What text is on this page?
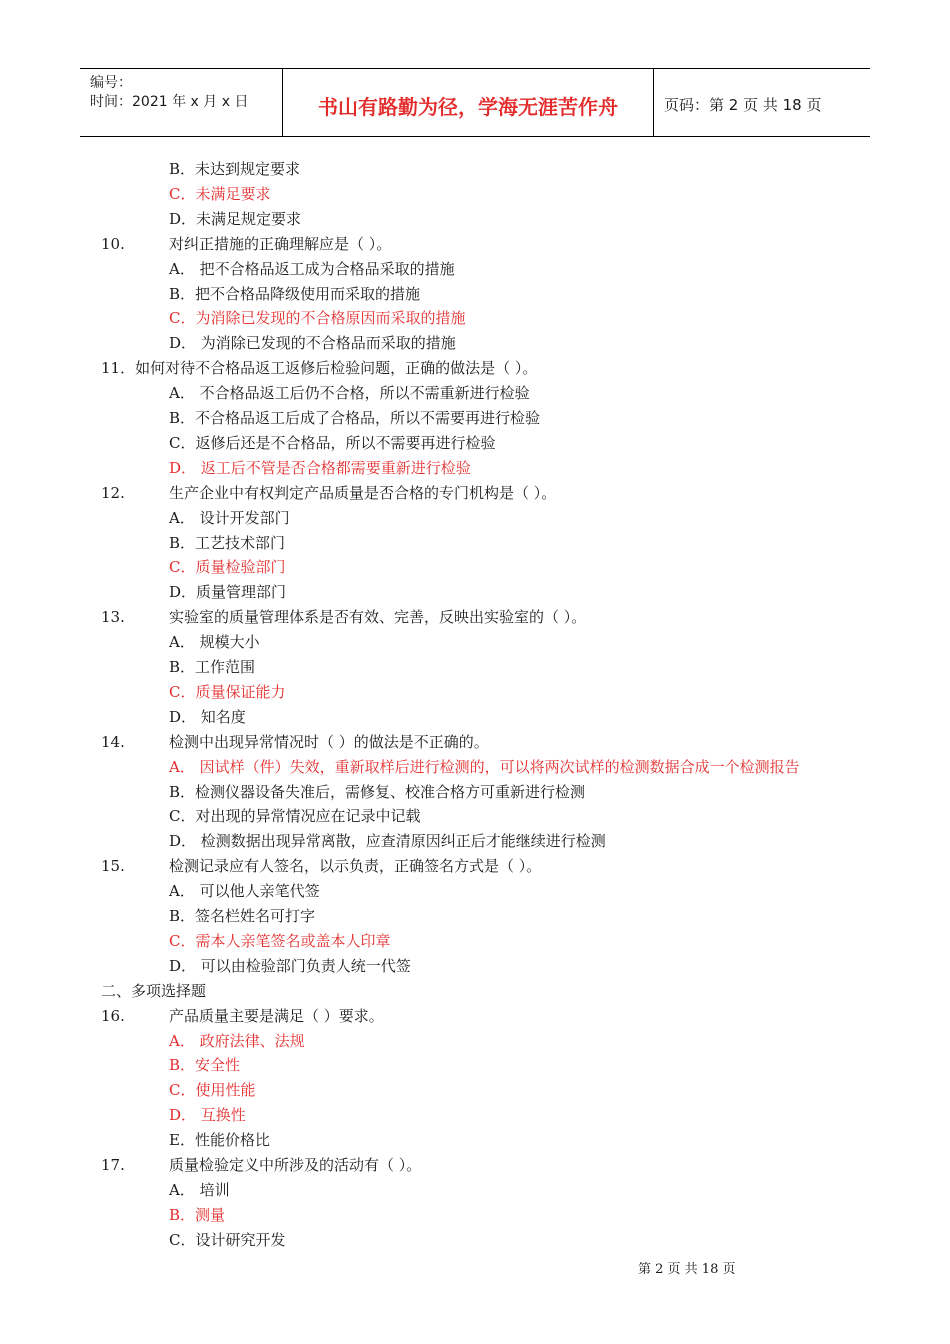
编号：
时间：2021 年 x 月 x 日	书山有路勤为径，学海无涯苦作舟	页码：第 2 页 共 18 页
B．未达到规定要求
C．未满足要求
D．未满足规定要求
10.	对纠正措施的正确理解应是（ ）。
A． 把不合格品返工成为合格品采取的措施
B．把不合格品降级使用而采取的措施
C．为消除已发现的不合格原因而采取的措施
D． 为消除已发现的不合格品而采取的措施
11．如何对待不合格品返工返修后检验问题，正确的做法是（ ）。
A． 不合格品返工后仍不合格，所以不需重新进行检验
B．不合格品返工后成了合格品，所以不需要再进行检验
C．返修后还是不合格品，所以不需要再进行检验
D． 返工后不管是否合格都需要重新进行检验
12.	生产企业中有权判定产品质量是否合格的专门机构是（ ）。
A． 设计开发部门
B．工艺技术部门
C．质量检验部门
D．质量管理部门
13.	实验室的质量管理体系是否有效、完善，反映出实验室的（ ）。
A． 规模大小
B．工作范围
C．质量保证能力
D． 知名度
14.	检测中出现异常情况时（ ）的做法是不正确的。
A． 因试样（件）失效，重新取样后进行检测的，可以将两次试样的检测数据合成一个检测报告
B．检测仪器设备失准后，需修复、校准合格方可重新进行检测
C．对出现的异常情况应在记录中记载
D． 检测数据出现异常离散，应查清原因纠正后才能继续进行检测
15.	检测记录应有人签名，以示负责，正确签名方式是（ ）。
A． 可以他人亲笔代签
B．签名栏姓名可打字
C．需本人亲笔签名或盖本人印章
D． 可以由检验部门负责人统一代签
二、多项选择题
16.	产品质量主要是满足（ ）要求。
A． 政府法律、法规
B．安全性
C．使用性能
D． 互换性
E．性能价格比
17.	质量检验定义中所涉及的活动有（ ）。
A． 培训
B．测量
C．设计研究开发
第 2 页 共 18 页
